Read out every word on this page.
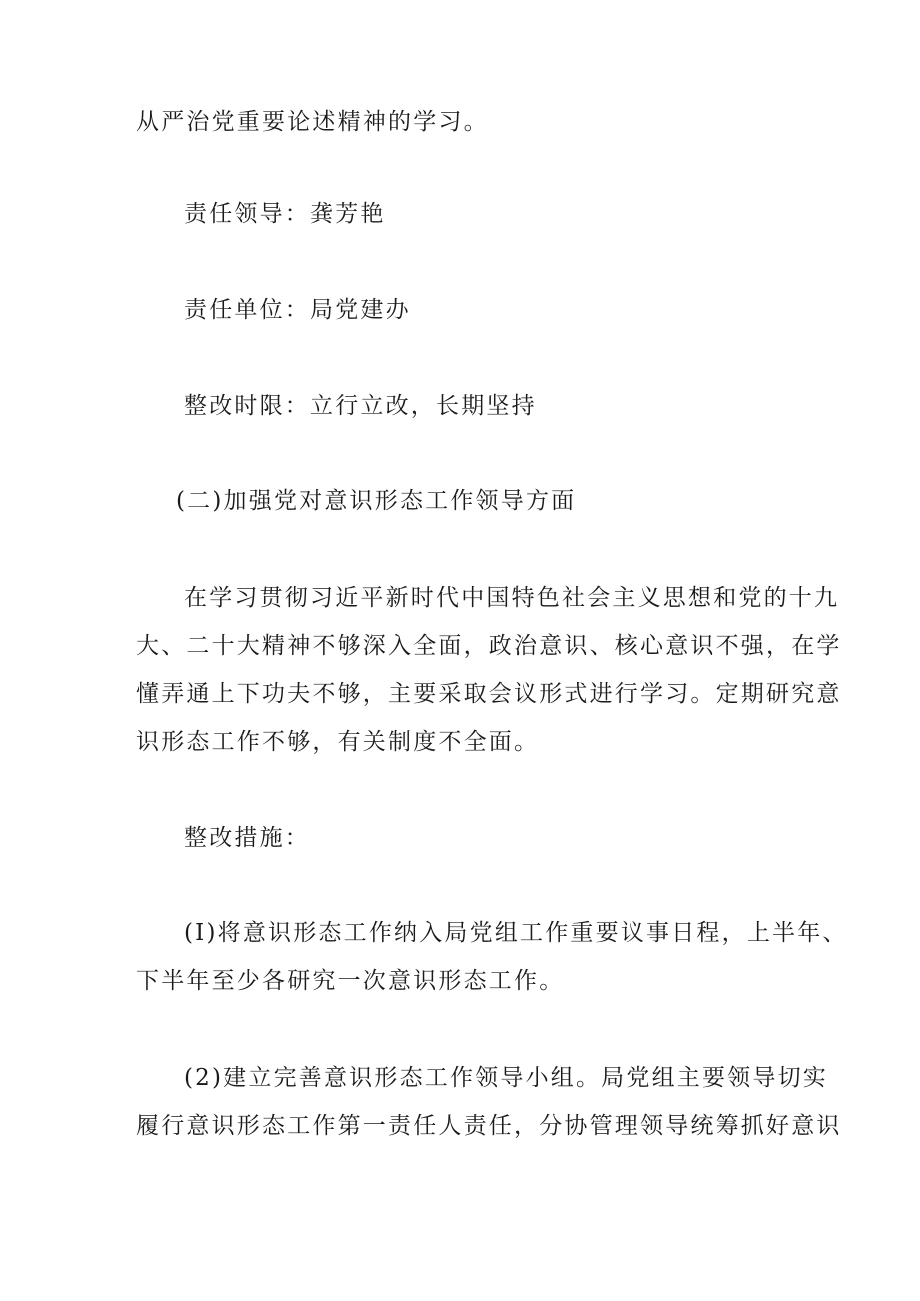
从严治党重要论述精神的学习。
责任领导：龚芳艳
责任单位：局党建办
整改时限：立行立改，长期坚持
(二)加强党对意识形态工作领导方面
在学习贯彻习近平新时代中国特色社会主义思想和党的十九
大、二十大精神不够深入全面，政治意识、核心意识不强，在学
懂弄通上下功夫不够，主要采取会议形式进行学习。定期研究意
识形态工作不够，有关制度不全面。
整改措施：
(I)将意识形态工作纳入局党组工作重要议事日程，上半年、
下半年至少各研究一次意识形态工作。
(2)建立完善意识形态工作领导小组。局党组主要领导切实
履行意识形态工作第一责任人责任，分协管理领导统筹抓好意识
